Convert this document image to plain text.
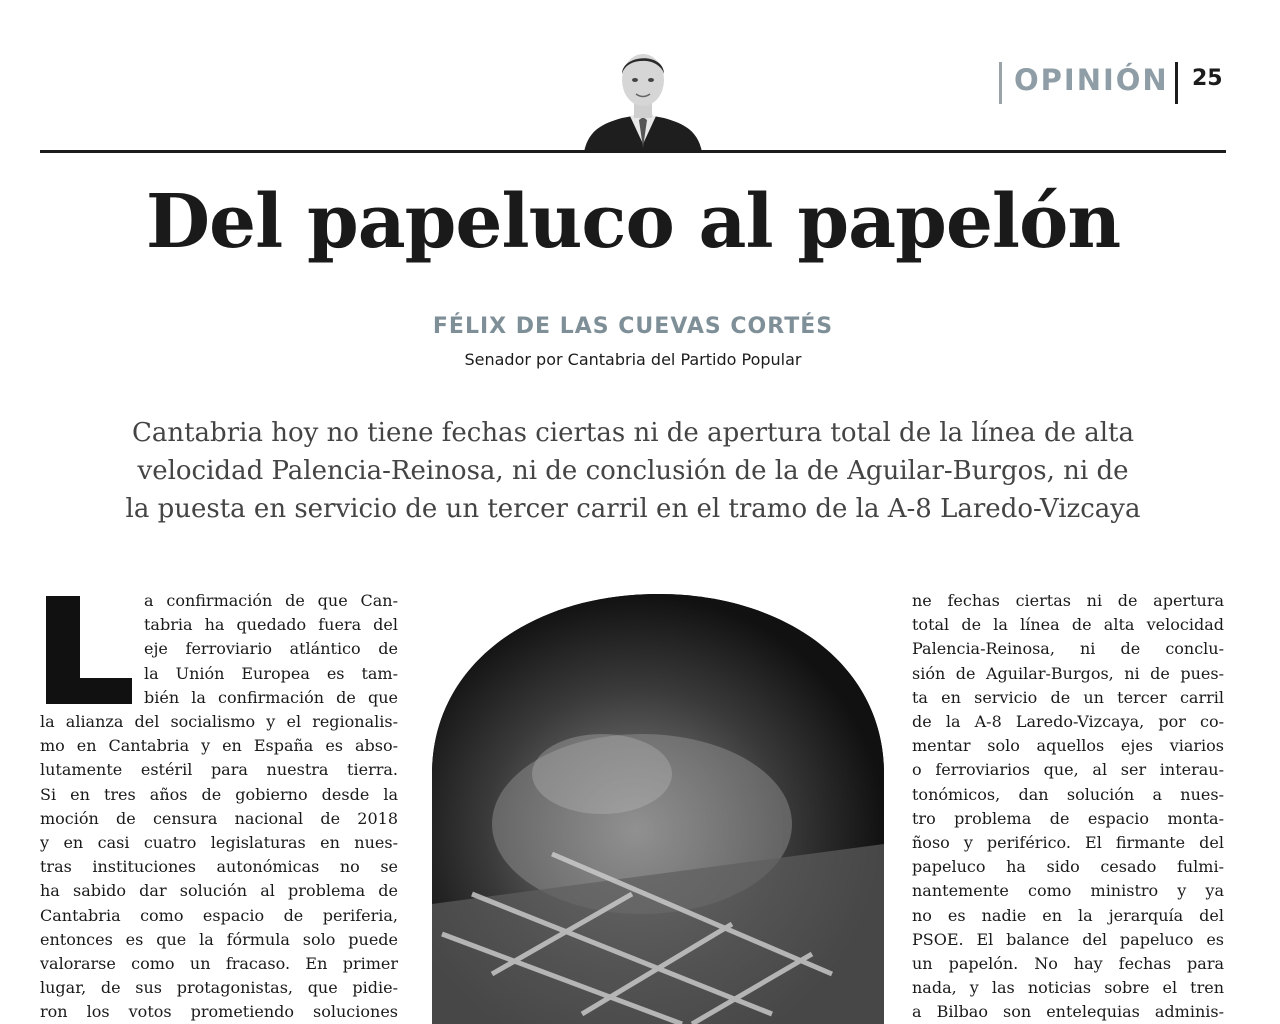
OPINIÓN 25
Del papeluco al papelón
FÉLIX DE LAS CUEVAS CORTÉS
Senador por Cantabria del Partido Popular
Cantabria hoy no tiene fechas ciertas ni de apertura total de la línea de alta
velocidad Palencia-Reinosa, ni de conclusión de la de Aguilar-Burgos, ni de
la puesta en servicio de un tercer carril en el tramo de la A-8 Laredo-Vizcaya
a confirmación de que Can-
tabria ha quedado fuera del
eje ferroviario atlántico de
la Unión Europea es tam-
bién la confirmación de que
la alianza del socialismo y el regionalis-
mo en Cantabria y en España es abso-
lutamente estéril para nuestra tierra.
Si en tres años de gobierno desde la
moción de censura nacional de 2018
y en casi cuatro legislaturas en nues-
tras instituciones autonómicas no se
ha sabido dar solución al problema de
Cantabria como espacio de periferia,
entonces es que la fórmula solo puede
valorarse como un fracaso. En primer
lugar, de sus protagonistas, que pidie-
ron los votos prometiendo soluciones
ne fechas ciertas ni de apertura
total de la línea de alta velocidad
Palencia-Reinosa, ni de conclu-
sión de Aguilar-Burgos, ni de pues-
ta en servicio de un tercer carril
de la A-8 Laredo-Vizcaya, por co-
mentar solo aquellos ejes viarios
o ferroviarios que, al ser interau-
tonómicos, dan solución a nues-
tro problema de espacio monta-
ñoso y periférico. El firmante del
papeluco ha sido cesado fulmi-
nantemente como ministro y ya
no es nadie en la jerarquía del
PSOE. El balance del papeluco es
un papelón. No hay fechas para
nada, y las noticias sobre el tren
a Bilbao son entelequias adminis-
